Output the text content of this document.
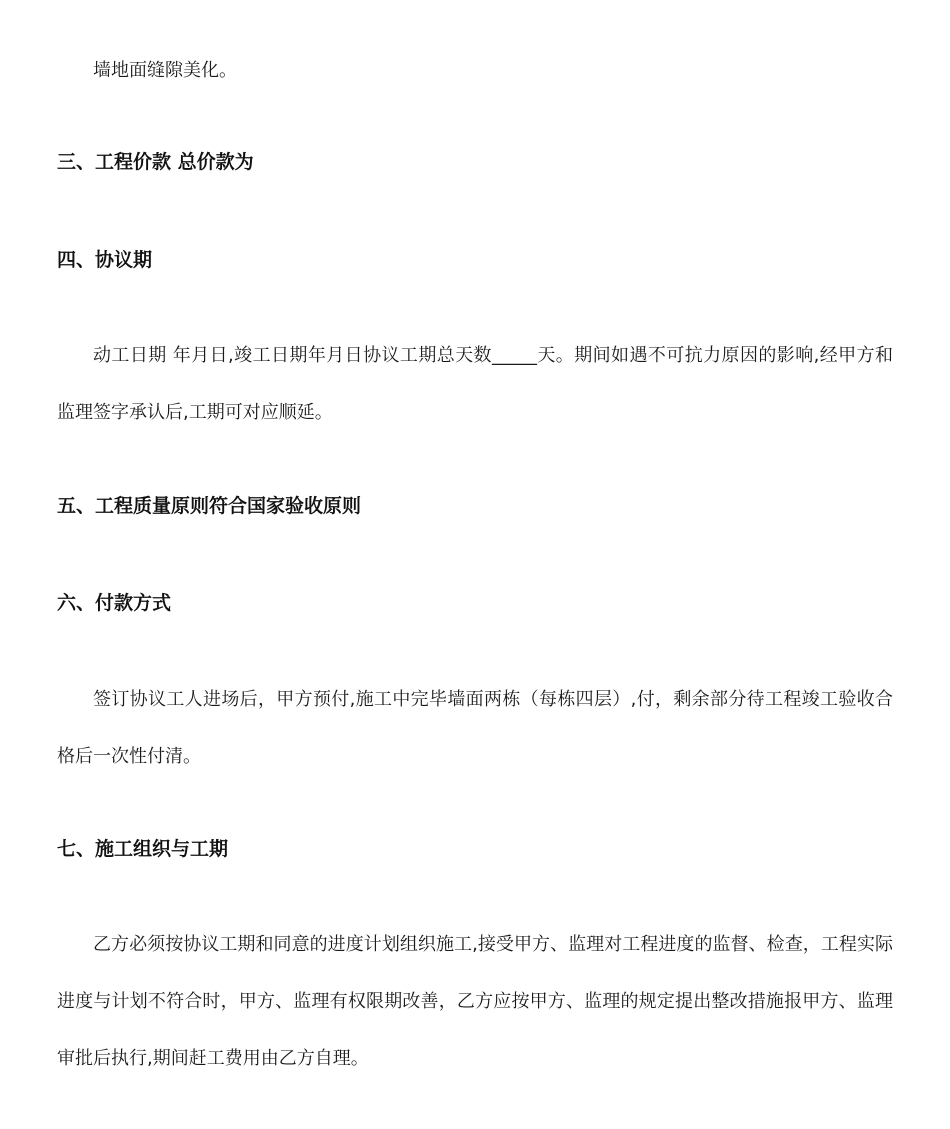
墙地面缝隙美化。

三、工程价款 总价款为
四、协议期

动工日期 年月日,竣工日期年月日协议工期总天数_____天。期间如遇不可抗力原因的影响,经甲方和监理签字承认后,工期可对应顺延。

五、工程质量原则符合国家验收原则
六、付款方式

签订协议工人进场后，甲方预付,施工中完毕墙面两栋（每栋四层）,付，剩余部分待工程竣工验收合格后一次性付清。

七、施工组织与工期

乙方必须按协议工期和同意的进度计划组织施工,接受甲方、监理对工程进度的监督、检查，工程实际进度与计划不符合时，甲方、监理有权限期改善，乙方应按甲方、监理的规定提出整改措施报甲方、监理审批后执行,期间赶工费用由乙方自理。
